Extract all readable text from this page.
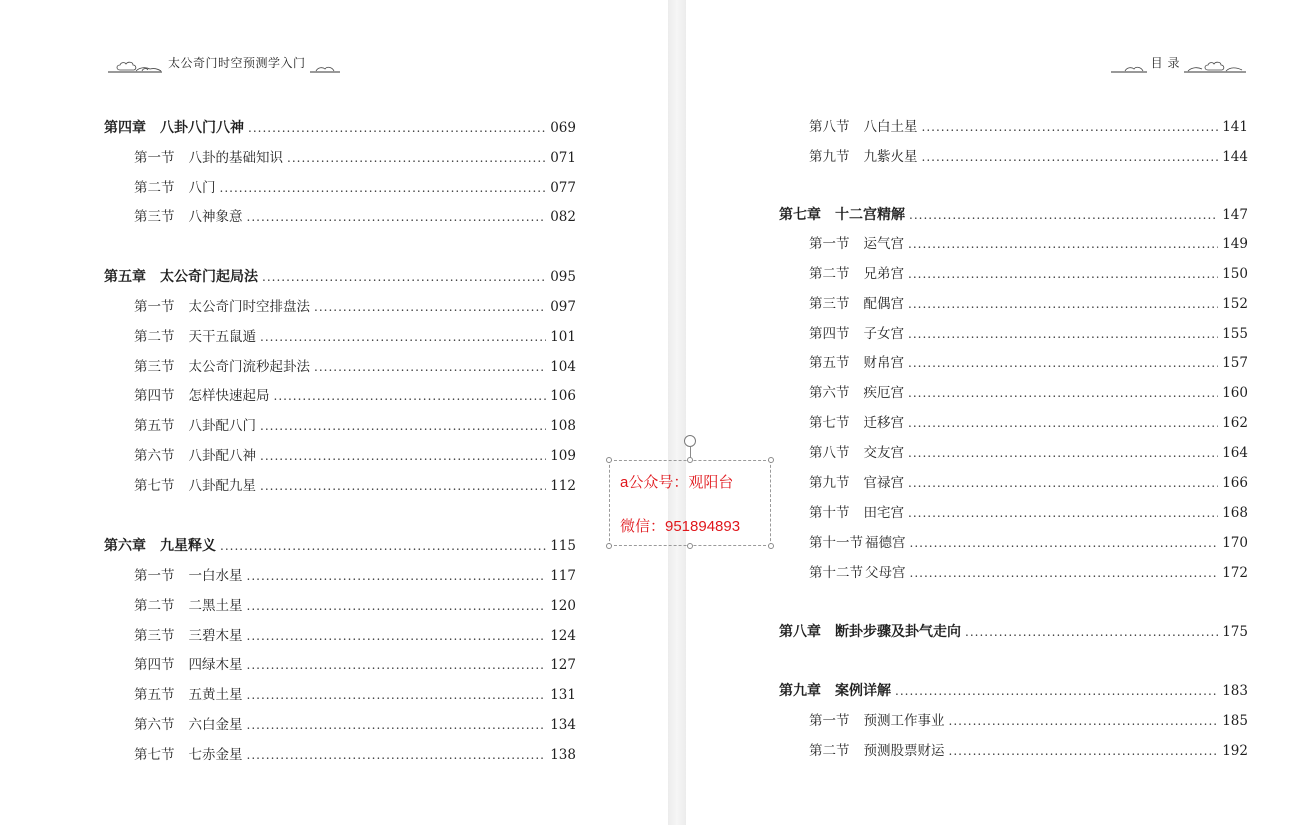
太公奇门时空预测学入门	目 录
第四章 八卦八门八神 .....	069
第一节 八卦的基础知识 .....	071
第二节 八门 .....	077
第三节 八神象意 .....	082
第五章 太公奇门起局法 .....	095
第一节 太公奇门时空排盘法 .....	097
第二节 天干五鼠遁 .....	101
第三节 太公奇门流秒起卦法 .....	104
第四节 怎样快速起局 .....	106
第五节 八卦配八门 .....	108
第六节 八卦配八神 .....	109
第七节 八卦配九星 .....	112
第六章 九星释义 .....	115
第一节 一白水星 .....	117
第二节 二黑土星 .....	120
第三节 三碧木星 .....	124
第四节 四绿木星 .....	127
第五节 五黄土星 .....	131
第六节 六白金星 .....	134
第七节 七赤金星 .....	138
第八节 八白土星 .....	141
第九节 九紫火星 .....	144
第七章 十二宫精解 .....	147
第一节 运气宫 .....	149
第二节 兄弟宫 .....	150
第三节 配偶宫 .....	152
第四节 子女宫 .....	155
第五节 财帛宫 .....	157
第六节 疾厄宫 .....	160
第七节 迁移宫 .....	162
第八节 交友宫 .....	164
第九节 官禄宫 .....	166
第十节 田宅宫 .....	168
第十一节 福德宫 .....	170
第十二节 父母宫 .....	172
第八章 断卦步骤及卦气走向 .....	175
第九章 案例详解 .....	183
第一节 预测工作事业 .....	185
第二节 预测股票财运 .....	192
a公众号：观阳台
微信：951894893
